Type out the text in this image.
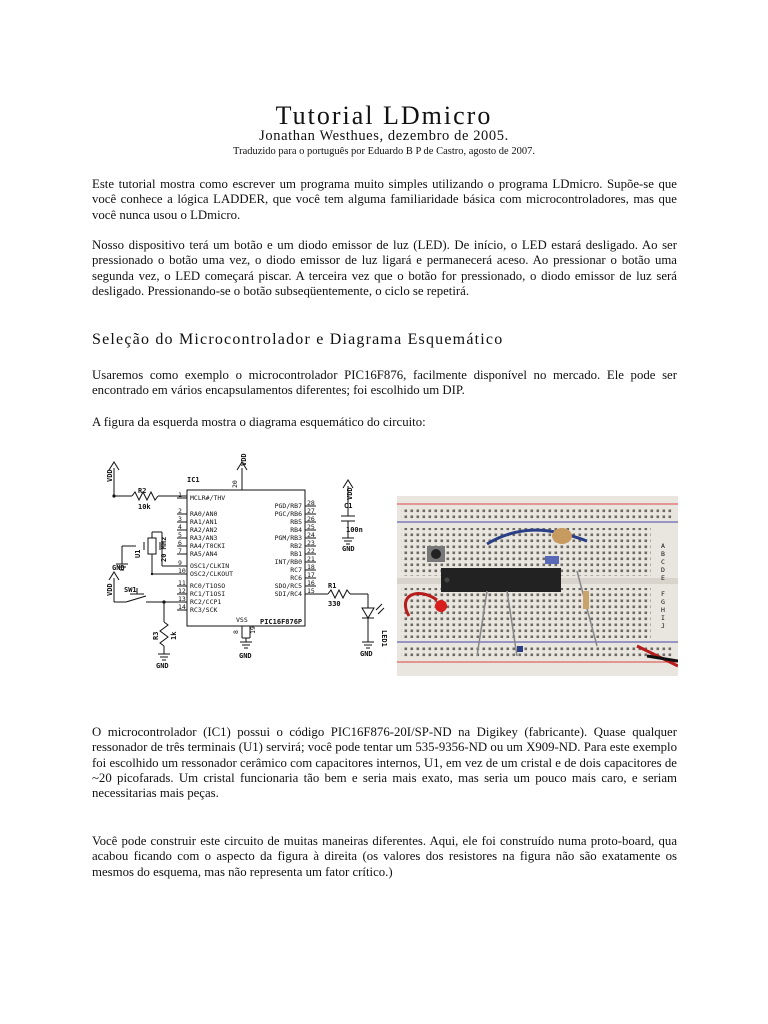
Tutorial LDmicro
Jonathan Westhues, dezembro de 2005.
Traduzido para o português por Eduardo B P de Castro, agosto de 2007.

Este tutorial mostra como escrever um programa muito simples utilizando o programa LDmicro. Supõe-se que você conhece a lógica LADDER, que você tem alguma familiaridade básica com microcontroladores, mas que você nunca usou o LDmicro.

Nosso dispositivo terá um botão e um diodo emissor de luz (LED). De início, o LED estará desligado. Ao ser pressionado o botão uma vez, o diodo emissor de luz ligará e permanecerá aceso. Ao pressionar o botão uma segunda vez, o LED começará piscar. A terceira vez que o botão for pressionado, o diodo emissor de luz será desligado. Pressionando-se o botão subseqüentemente, o ciclo se repetirá.

Seleção do Microcontrolador e Diagrama Esquemático

Usaremos como exemplo o microcontrolador PIC16F876, facilmente disponível no mercado. Ele pode ser encontrado em vários encapsulamentos diferentes; foi escolhido um DIP.

A figura da esquerda mostra o diagrama esquemático do circuito:

IC1
VDD
VDD
VDD
VDD
20
R2
10k
U1	20 MHz
GND
SW1
R3 1k
GND
GND
GND
GND
C1
100n
R1
330
LED1
PIC16F876P
VSS
8 19
MCLR#/THV
1
RA0/AN0
2
RA1/AN1
3
RA2/AN2
4
RA3/AN3
5
RA4/T0CKI
6
RA5/AN4
7
OSC1/CLKIN
9
OSC2/CLKOUT
10
RC0/T1OSO
11
RC1/T1OSI
12
RC2/CCP1
13
RC3/SCK
14
PGD/RB7 28
PGC/RB6 27
RB5 26
RB4 25
PGM/RB3 24
RB2 23
RB1 22
INT/RB0 21
RC7 18
RC6 17
SDO/RC5 16
SDI/RC4 15
A
B
C
D
E
F
G
H
I
J

O microcontrolador (IC1) possui o código PIC16F876-20I/SP-ND na Digikey (fabricante). Quase qualquer ressonador de três terminais (U1) servirá; você pode tentar um 535-9356-ND ou um X909-ND. Para este exemplo foi escolhido um ressonador cerâmico com capacitores internos, U1, em vez de um cristal e de dois capacitores de ~20 picofarads. Um cristal funcionaria tão bem e seria mais exato, mas seria um pouco mais caro, e seriam necessitarias mais peças.

Você pode construir este circuito de muitas maneiras diferentes. Aqui, ele foi construído numa proto-board, qua acabou ficando com o aspecto da figura à direita (os valores dos resistores na figura não são exatamente os mesmos do esquema, mas não representa um fator crítico.)
